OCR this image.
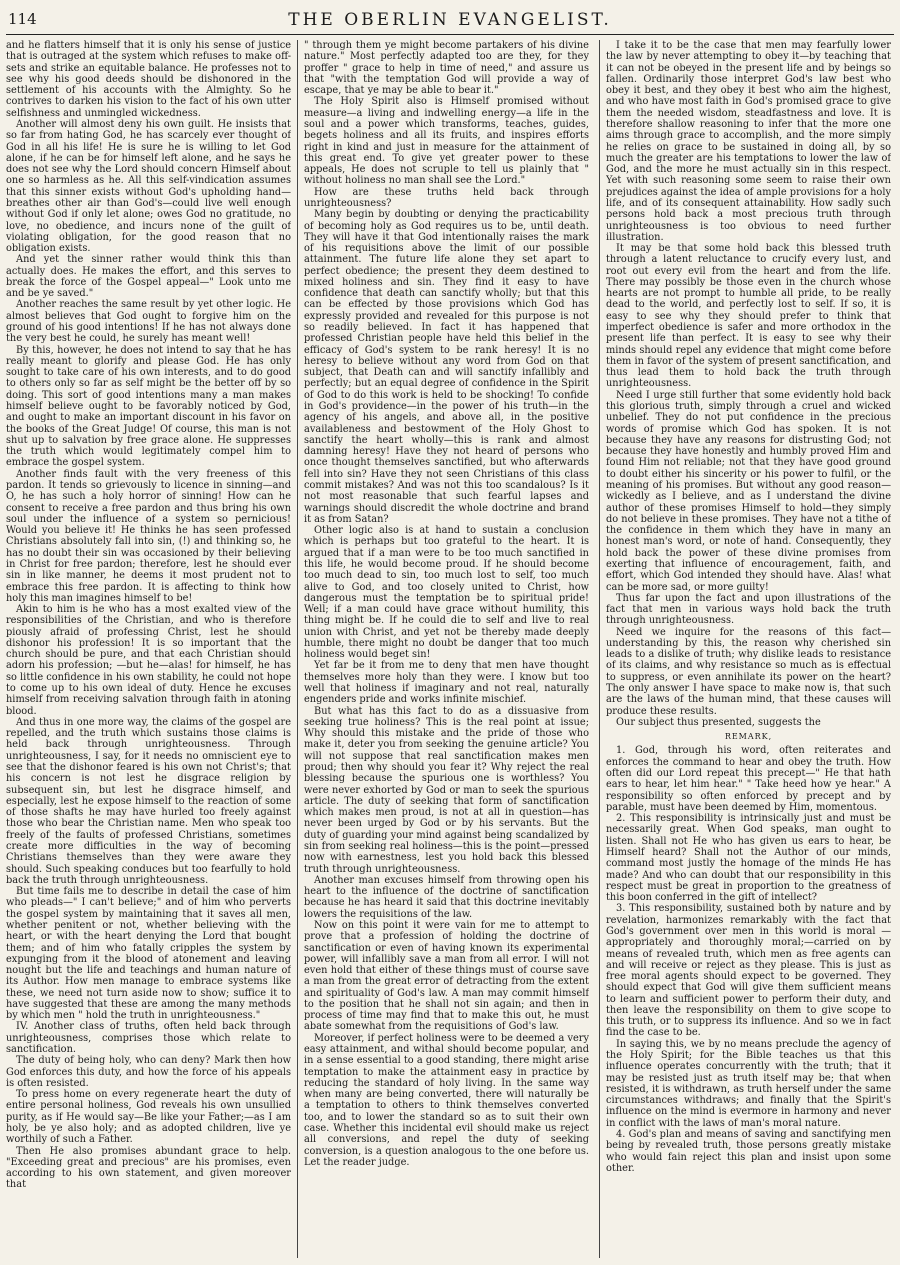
114	THE OBERLIN EVANGELIST.

and he flatters himself that it is only his sense of justice that is outraged at the system which refuses to make off-sets and strike an equitable balance. He professes not to see why his good deeds should be dishonored in the settlement of his accounts with the Almighty. So he contrives to darken his vision to the fact of his own utter selfishness and unmingled wickedness.

Another will almost deny his own guilt. He insists that so far from hating God, he has scarcely ever thought of God in all his life! He is sure he is willing to let God alone, if he can be for himself left alone, and he says he does not see why the Lord should concern Himself about one so harmless as he. All this self-vindication assumes that this sinner exists without God's upholding hand—breathes other air than God's—could live well enough without God if only let alone; owes God no gratitude, no love, no obedience, and incurs none of the guilt of violating obligation, for the good reason that no obligation exists.

And yet the sinner rather would think this than actually does. He makes the effort, and this serves to break the force of the Gospel appeal—" Look unto me and be ye saved."

Another reaches the same result by yet other logic. He almost believes that God ought to forgive him on the ground of his good intentions! If he has not always done the very best he could, he surely has meant well!

By this, however, he does not intend to say that he has really meant to glorify and please God. He has only sought to take care of his own interests, and to do good to others only so far as self might be the better off by so doing. This sort of good intentions many a man makes himself believe ought to be favorably noticed by God, and ought to make an important discount in his favor on the books of the Great Judge! Of course, this man is not shut up to salvation by free grace alone. He suppresses the truth which would legitimately compel him to embrace the gospel system.

Another finds fault with the very freeness of this pardon. It tends so grievously to licence in sinning—and O, he has such a holy horror of sinning! How can he consent to receive a free pardon and thus bring his own soul under the influence of a system so pernicious! Would you believe it! He thinks he has seen professed Christians absolutely fall into sin, (!) and thinking so, he has no doubt their sin was occasioned by their believing in Christ for free pardon; therefore, lest he should ever sin in like manner, he deems it most prudent not to embrace this free pardon. It is affecting to think how holy this man imagines himself to be!

Akin to him is he who has a most exalted view of the responsibilities of the Christian, and who is therefore piously afraid of professing Christ, lest he should dishonor his profession! It is so important that the church should be pure, and that each Christian should adorn his profession; —but he—alas! for himself, he has so little confidence in his own stability, he could not hope to come up to his own ideal of duty. Hence he excuses himself from receiving salvation through faith in atoning blood.

And thus in one more way, the claims of the gospel are repelled, and the truth which sustains those claims is held back through unrighteousness. Through unrighteousness, I say, for it needs no omniscient eye to see that the dishonor feared is his own not Christ's; that his concern is not lest he disgrace religion by subsequent sin, but lest he disgrace himself, and especially, lest he expose himself to the reaction of some of those shafts he may have hurled too freely against those who bear the Christian name. Men who speak too freely of the faults of professed Christians, sometimes create more difficulties in the way of becoming Christians themselves than they were aware they should. Such speaking conduces but too fearfully to hold back the truth through unrighteousness.

But time fails me to describe in detail the case of him who pleads—" I can't believe;" and of him who perverts the gospel system by maintaining that it saves all men, whether penitent or not, whether believing with the heart, or with the heart denying the Lord that bought them; and of him who fatally cripples the system by expunging from it the blood of atonement and leaving nought but the life and teachings and human nature of its Author. How men manage to embrace systems like these, we need not turn aside now to show; suffice it to have suggested that these are among the many methods by which men " hold the truth in unrighteousness."

IV. Another class of truths, often held back through unrighteousness, comprises those which relate to sanctification.

The duty of being holy, who can deny? Mark then how God enforces this duty, and how the force of his appeals is often resisted.

To press home on every regenerate heart the duty of entire personal holiness, God reveals his own unsullied purity, as if He would say—Be like your Father;—as I am holy, be ye also holy; and as adopted children, live ye worthily of such a Father.

Then He also promises abundant grace to help. "Exceeding great and precious" are his promises, even according to his own statement, and given moreover that

" through them ye might become partakers of his divine nature." Most perfectly adapted too are they, for they proffer " grace to help in time of need," and assure us that "with the temptation God will provide a way of escape, that ye may be able to bear it."

The Holy Spirit also is Himself promised without measure—a living and indwelling energy—a life in the soul and a power which transforms, teaches, guides, begets holiness and all its fruits, and inspires efforts right in kind and just in measure for the attainment of this great end. To give yet greater power to these appeals, He does not scruple to tell us plainly that " without holiness no man shall see the Lord."

How are these truths held back through unrighteousness?

Many begin by doubting or denying the practicability of becoming holy as God requires us to be, until death. They will have it that God intentionally raises the mark of his requisitions above the limit of our possible attainment. The future life alone they set apart to perfect obedience; the present they deem destined to mixed holiness and sin. They find it easy to have confidence that death can sanctify wholly; but that this can be effected by those provisions which God has expressly provided and revealed for this purpose is not so readily believed. In fact it has happened that professed Christian people have held this belief in the efficacy of God's system to be rank heresy! It is no heresy to believe without any word from God on that subject, that Death can and will sanctify infallibly and perfectly; but an equal degree of confidence in the Spirit of God to do this work is held to be shocking! To confide in God's providence—in the power of his truth—in the agency of his angels, and above all, in the positive availableness and bestowment of the Holy Ghost to sanctify the heart wholly—this is rank and almost damning heresy! Have they not heard of persons who once thought themselves sanctified, but who afterwards fell into sin? Have they not seen Christians of this class commit mistakes? And was not this too scandalous? Is it not most reasonable that such fearful lapses and warnings should discredit the whole doctrine and brand it as from Satan?

Other logic also is at hand to sustain a conclusion which is perhaps but too grateful to the heart. It is argued that if a man were to be too much sanctified in this life, he would become proud. If he should become too much dead to sin, too much lost to self, too much alive to God, and too closely united to Christ, how dangerous must the temptation be to spiritual pride! Well; if a man could have grace without humility, this thing might be. If he could die to self and live to real union with Christ, and yet not be thereby made deeply humble, there might no doubt be danger that too much holiness would beget sin!

Yet far be it from me to deny that men have thought themselves more holy than they were. I know but too well that holiness if imaginary and not real, naturally engenders pride and works infinite mischief.

But what has this fact to do as a dissuasive from seeking true holiness? This is the real point at issue; Why should this mistake and the pride of those who make it, deter you from seeking the genuine article? You will not suppose that real sanctification makes men proud; then why should you fear it? Why reject the real blessing because the spurious one is worthless? You were never exhorted by God or man to seek the spurious article. The duty of seeking that form of sanctification which makes men proud, is not at all in question—has never been urged by God or by his servants. But the duty of guarding your mind against being scandalized by sin from seeking real holiness—this is the point—pressed now with earnestness, lest you hold back this blessed truth through unrighteousness.

Another man excuses himself from throwing open his heart to the influence of the doctrine of sanctification because he has heard it said that this doctrine inevitably lowers the requisitions of the law.

Now on this point it were vain for me to attempt to prove that a profession of holding the doctrine of sanctification or even of having known its experimental power, will infallibly save a man from all error. I will not even hold that either of these things must of course save a man from the great error of detracting from the extent and spirituality of God's law. A man may commit himself to the position that he shall not sin again; and then in process of time may find that to make this out, he must abate somewhat from the requisitions of God's law.

Moreover, if perfect holiness were to be deemed a very easy attainment, and withal should become popular, and in a sense essential to a good standing, there might arise temptation to make the attainment easy in practice by reducing the standard of holy living. In the same way when many are being converted, there will naturally be a temptation to others to think themselves converted too, and to lower the standard so as to suit their own case. Whether this incidental evil should make us reject all conversions, and repel the duty of seeking conversion, is a question analogous to the one before us. Let the reader judge.

I take it to be the case that men may fearfully lower the law by never attempting to obey it—by teaching that it can not be obeyed in the present life and by beings so fallen. Ordinarily those interpret God's law best who obey it best, and they obey it best who aim the highest, and who have most faith in God's promised grace to give them the needed wisdom, steadfastness and love. It is therefore shallow reasoning to infer that the more one aims through grace to accomplish, and the more simply he relies on grace to be sustained in doing all, by so much the greater are his temptations to lower the law of God, and the more he must actually sin in this respect. Yet with such reasoning some seem to raise their own prejudices against the idea of ample provisions for a holy life, and of its consequent attainability. How sadly such persons hold back a most precious truth through unrighteousness is too obvious to need further illustration.

It may be that some hold back this blessed truth through a latent reluctance to crucify every lust, and root out every evil from the heart and from the life. There may possibly be those even in the church whose hearts are not prompt to humble all pride, to be really dead to the world, and perfectly lost to self. If so, it is easy to see why they should prefer to think that imperfect obedience is safer and more orthodox in the present life than perfect. It is easy to see why their minds should repel any evidence that might come before them in favor of the system of present sanctification, and thus lead them to hold back the truth through unrighteousness.

Need I urge still further that some evidently hold back this glorious truth, simply through a cruel and wicked unbelief. They do not put confidence in the precious words of promise which God has spoken. It is not because they have any reasons for distrusting God; not because they have honestly and humbly proved Him and found Him not reliable; not that they have good ground to doubt either his sincerity or his power to fulfil, or the meaning of his promises. But without any good reason—wickedly as I believe, and as I understand the divine author of these promises Himself to hold—they simply do not believe in these promises. They have not a tithe of the confidence in them which they have in many an honest man's word, or note of hand. Consequently, they hold back the power of these divine promises from exerting that influence of encouragement, faith, and effort, which God intended they should have. Alas! what can be more sad, or more guilty!

Thus far upon the fact and upon illustrations of the fact that men in various ways hold back the truth through unrighteousness.

Need we inquire for the reasons of this fact—understanding by this, the reason why cherished sin leads to a dislike of truth; why dislike leads to resistance of its claims, and why resistance so much as is effectual to suppress, or even annihilate its power on the heart? The only answer I have space to make now is, that such are the laws of the human mind, that these causes will produce these results.

Our subject thus presented, suggests the

REMARK,

1. God, through his word, often reiterates and enforces the command to hear and obey the truth. How often did our Lord repeat this precept—" He that hath ears to hear, let him hear." " Take heed how ye hear." A responsibility so often enforced by precept and by parable, must have been deemed by Him, momentous.

2. This responsibility is intrinsically just and must be necessarily great. When God speaks, man ought to listen. Shall not He who has given us ears to hear, be Himself heard? Shall not the Author of our minds, command most justly the homage of the minds He has made? And who can doubt that our responsibility in this respect must be great in proportion to the greatness of this boon conferred in the gift of intellect?

3. This responsibility, sustained both by nature and by revelation, harmonizes remarkably with the fact that God's government over men in this world is moral —appropriately and thoroughly moral;—carried on by means of revealed truth, which men as free agents can and will receive or reject as they please. This is just as free moral agents should expect to be governed. They should expect that God will give them sufficient means to learn and sufficient power to perform their duty, and then leave the responsibility on them to give scope to this truth, or to suppress its influence. And so we in fact find the case to be.

In saying this, we by no means preclude the agency of the Holy Spirit; for the Bible teaches us that this influence operates concurrently with the truth; that it may be resisted just as truth itself may be; that when resisted, it is withdrawn, as truth herself under the same circumstances withdraws; and finally that the Spirit's influence on the mind is evermore in harmony and never in conflict with the laws of man's moral nature.

4. God's plan and means of saving and sanctifying men being by revealed truth, those persons greatly mistake who would fain reject this plan and insist upon some other.
